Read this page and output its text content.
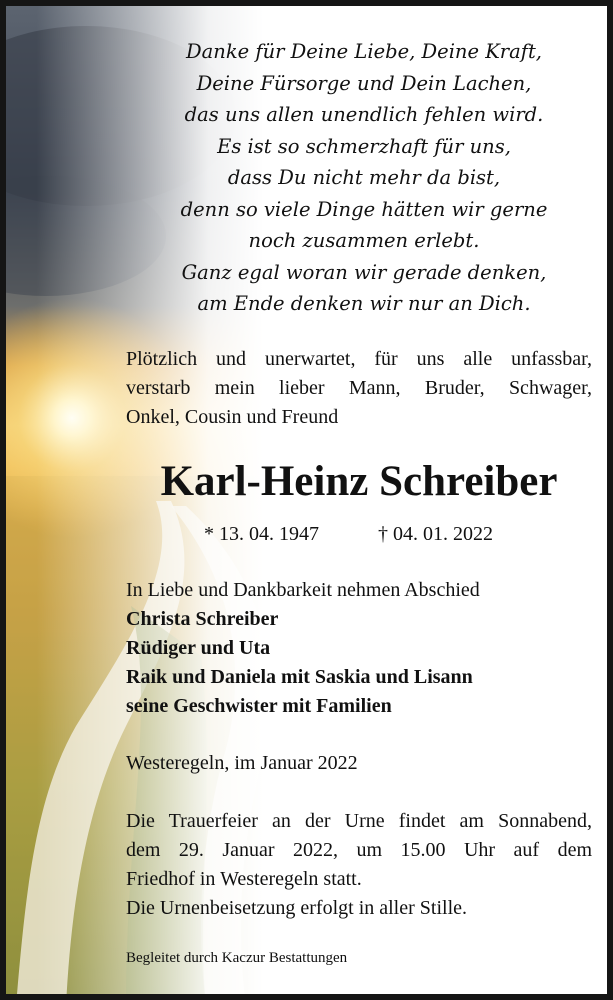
Danke für Deine Liebe, Deine Kraft,
Deine Fürsorge und Dein Lachen,
das uns allen unendlich fehlen wird.
Es ist so schmerzhaft für uns,
dass Du nicht mehr da bist,
denn so viele Dinge hätten wir gerne
noch zusammen erlebt.
Ganz egal woran wir gerade denken,
am Ende denken wir nur an Dich.
Plötzlich und unerwartet, für uns alle unfassbar,
verstarb mein lieber Mann, Bruder, Schwager,
Onkel, Cousin und Freund
Karl-Heinz Schreiber
* 13. 04. 1947	† 04. 01. 2022
In Liebe und Dankbarkeit nehmen Abschied
Christa Schreiber
Rüdiger und Uta
Raik und Daniela mit Saskia und Lisann
seine Geschwister mit Familien
Westeregeln, im Januar 2022
Die Trauerfeier an der Urne findet am Sonnabend,
dem 29. Januar 2022, um 15.00 Uhr auf dem
Friedhof in Westeregeln statt.
Die Urnenbeisetzung erfolgt in aller Stille.
Begleitet durch Kaczur Bestattungen
